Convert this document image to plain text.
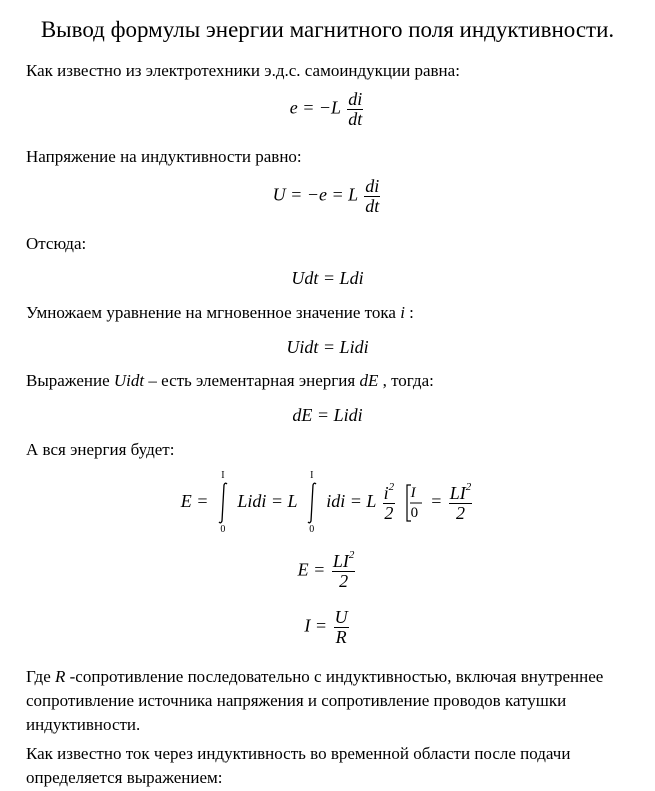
Вывод формулы энергии магнитного поля индуктивности.
Как известно из электротехники э.д.с. самоиндукции равна:
$e = -L \frac{di}{dt}$
Напряжение на индуктивности равно:
U = −e = L $\frac{di}{dt}$
Отсюда:
Udt = Ldi
Умножаем уравнение на мгновенное значение тока i :
Uidt = Lidi
Выражение Uidt – есть элементарная энергия dE , тогда:
dE = Lidi
А вся энергия будет:
E =
I
0
Lidi = L
I
0
idi = L $\frac{i^2}{2}$
I
0
= $\frac{LI^2}{2}$
$E = \frac{LI^2}{2}$
$I = \frac{U}{R}$
Где R -сопротивление последовательно с индуктивностью, включая внутреннее сопротивление источника напряжения и сопротивление проводов катушки индуктивности.
Как известно ток через индуктивность во временной области после подачи определяется выражением:
